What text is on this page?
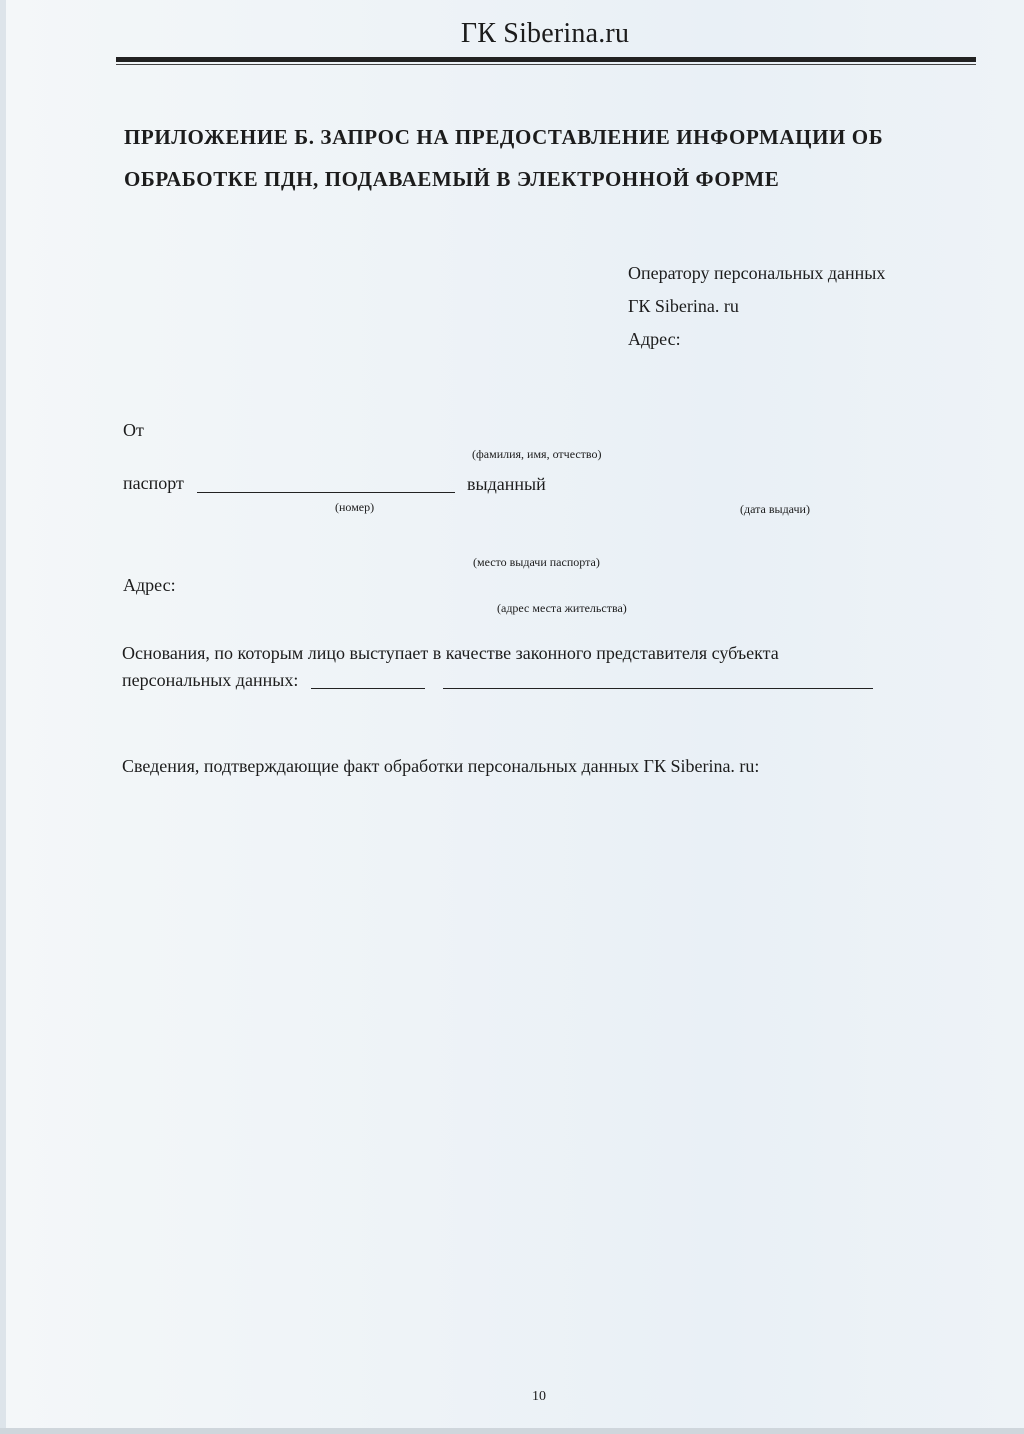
ГК Siberina.ru
ПРИЛОЖЕНИЕ Б. ЗАПРОС НА ПРЕДОСТАВЛЕНИЕ ИНФОРМАЦИИ ОБ
ОБРАБОТКЕ ПДН, ПОДАВАЕМЫЙ В ЭЛЕКТРОННОЙ ФОРМЕ
Оператору персональных данных
ГК Siberina. ru
Адрес:
От
(фамилия, имя, отчество)
паспорт	выданный
(номер)	(дата выдачи)
(место выдачи паспорта)
Адрес:
(адрес места жительства)
Основания, по которым лицо выступает в качестве законного представителя субъекта
персональных данных:
Сведения, подтверждающие факт обработки персональных данных ГК Siberina. ru:
10
